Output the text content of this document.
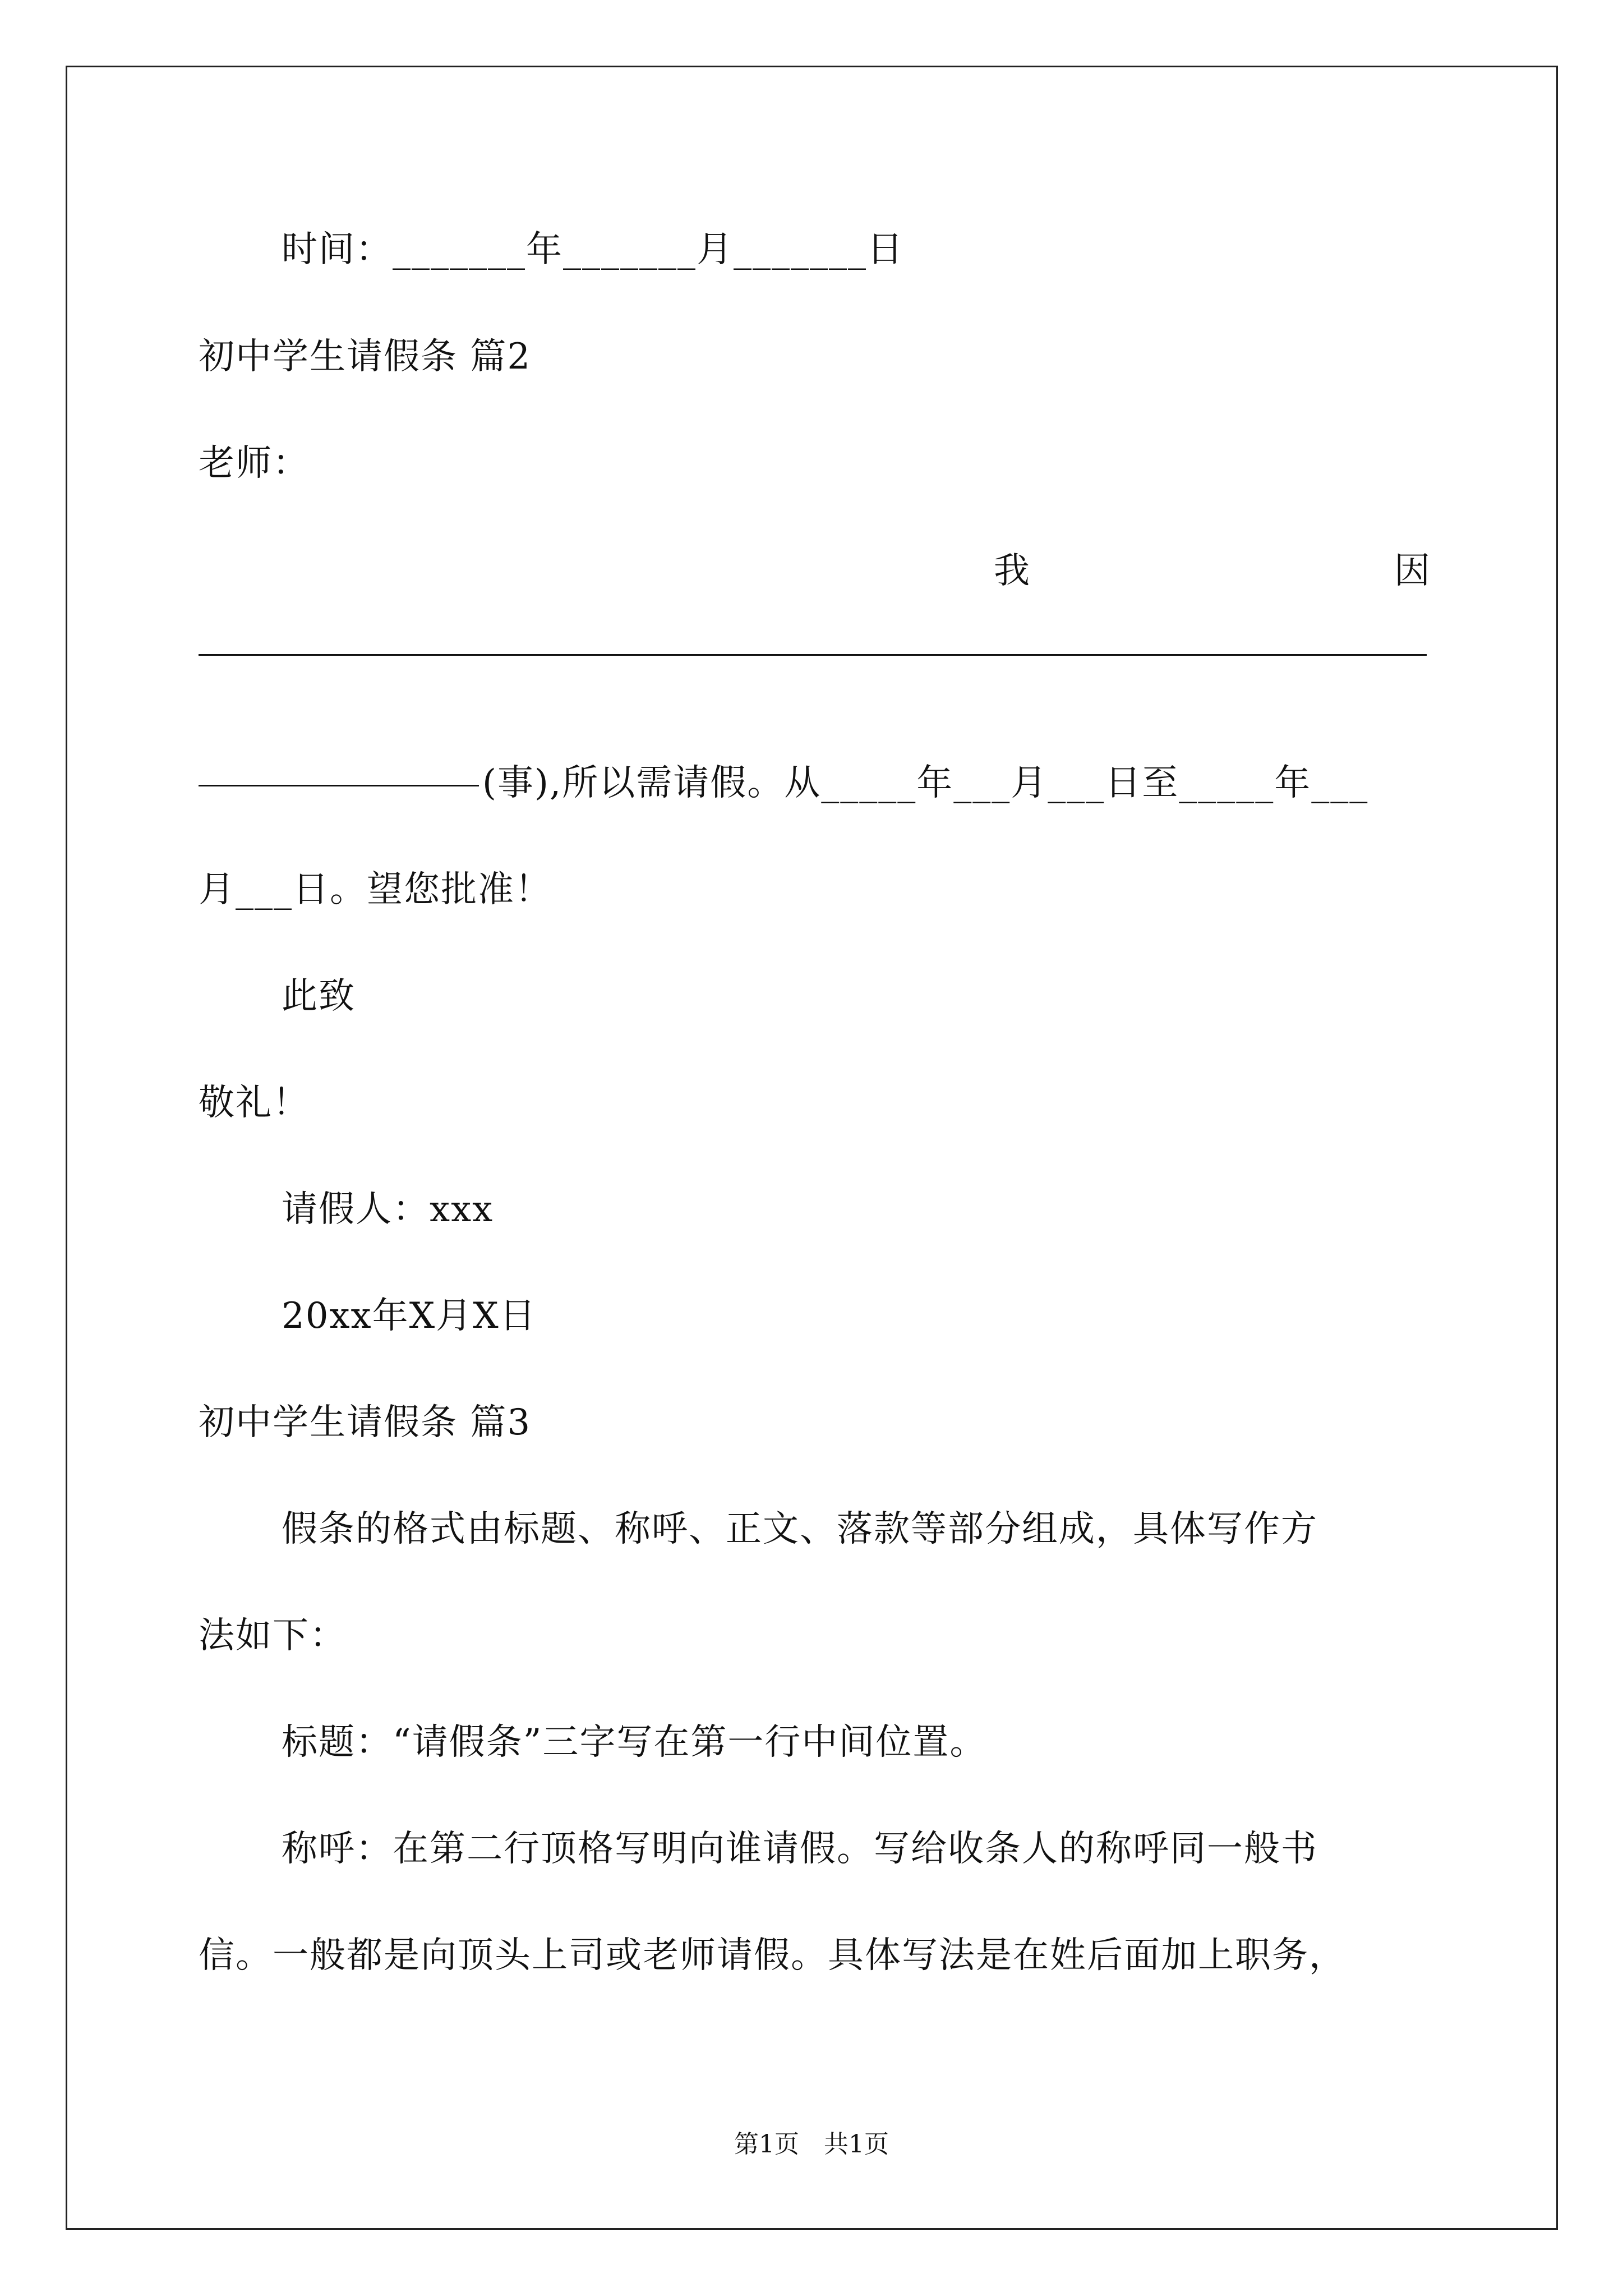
时间：_______年_______月_______日
初中学生请假条 篇2
老师：
我	因
(事),所以需请假。从_____年___月___日至_____年___
月___日。望您批准！
此致
敬礼！
请假人：xxx
20xx年X月X日
初中学生请假条 篇3
假条的格式由标题、称呼、正文、落款等部分组成，具体写作方
法如下：
标题：“请假条”三字写在第一行中间位置。
称呼：在第二行顶格写明向谁请假。写给收条人的称呼同一般书
信。一般都是向顶头上司或老师请假。具体写法是在姓后面加上职务，
第1页　共1页
